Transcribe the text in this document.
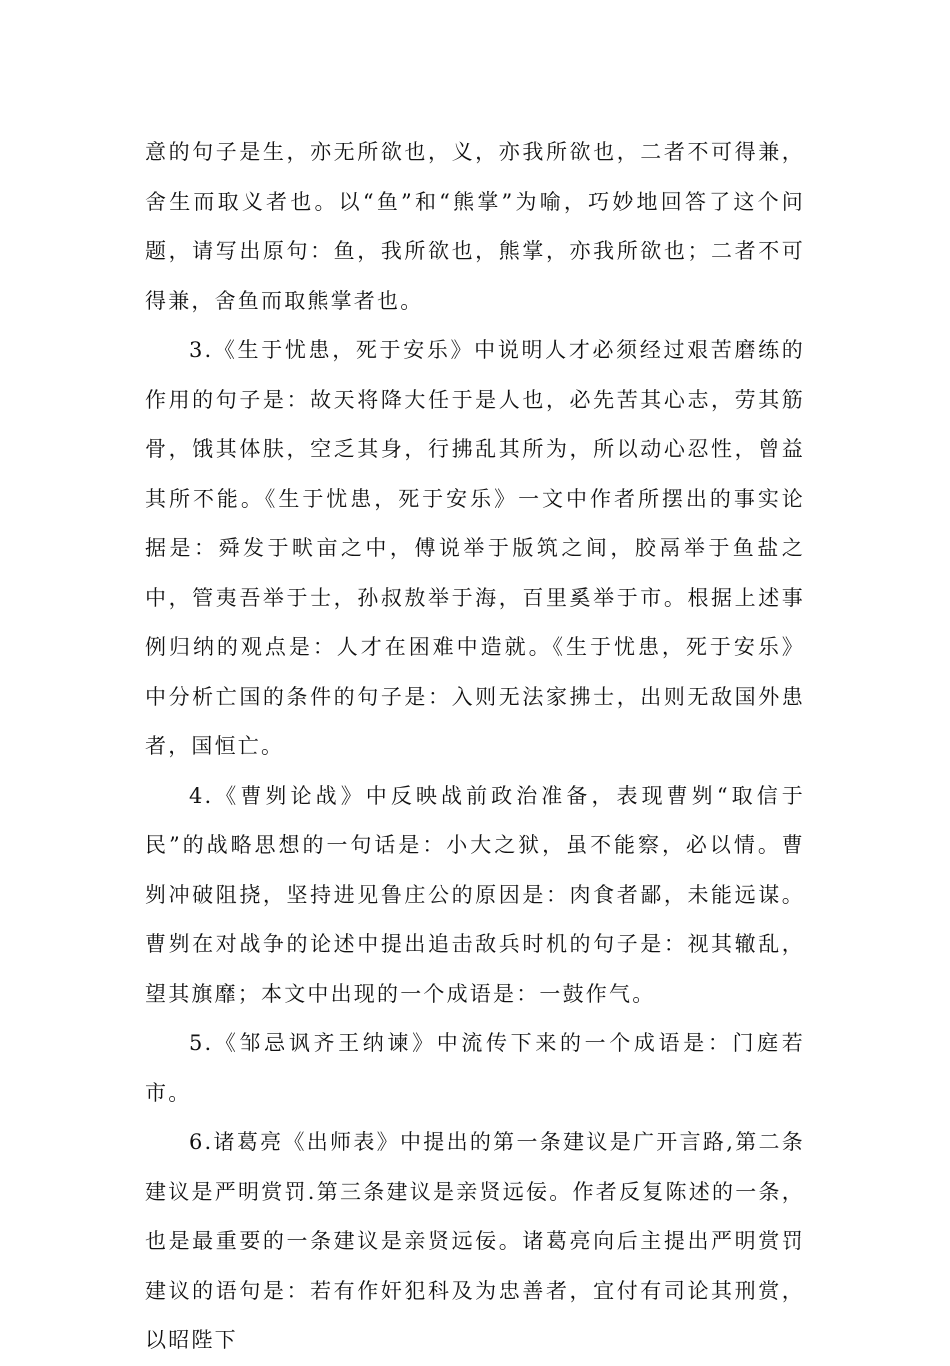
意的句子是生，亦无所欲也，义，亦我所欲也，二者不可得兼，舍生而取义者也。以“鱼”和“熊掌”为喻，巧妙地回答了这个问题，请写出原句：鱼，我所欲也，熊掌，亦我所欲也；二者不可得兼，舍鱼而取熊掌者也。

3.《生于忧患，死于安乐》中说明人才必须经过艰苦磨练的作用的句子是：故天将降大任于是人也，必先苦其心志，劳其筋骨，饿其体肤，空乏其身，行拂乱其所为，所以动心忍性，曾益其所不能。《生于忧患，死于安乐》一文中作者所摆出的事实论据是：舜发于畎亩之中，傅说举于版筑之间，胶鬲举于鱼盐之中，管夷吾举于士，孙叔敖举于海，百里奚举于市。根据上述事例归纳的观点是：人才在困难中造就。《生于忧患，死于安乐》中分析亡国的条件的句子是：入则无法家拂士，出则无敌国外患者，国恒亡。

4.《曹刿论战》中反映战前政治准备，表现曹刿“取信于民”的战略思想的一句话是：小大之狱，虽不能察，必以情。曹刿冲破阻挠，坚持进见鲁庄公的原因是：肉食者鄙，未能远谋。曹刿在对战争的论述中提出追击敌兵时机的句子是：视其辙乱，望其旗靡；本文中出现的一个成语是：一鼓作气。

5.《邹忌讽齐王纳谏》中流传下来的一个成语是：门庭若市。

6.诸葛亮《出师表》中提出的第一条建议是广开言路,第二条建议是严明赏罚.第三条建议是亲贤远佞。作者反复陈述的一条，也是最重要的一条建议是亲贤远佞。诸葛亮向后主提出严明赏罚建议的语句是：若有作奸犯科及为忠善者，宜付有司论其刑赏，以昭陛下
